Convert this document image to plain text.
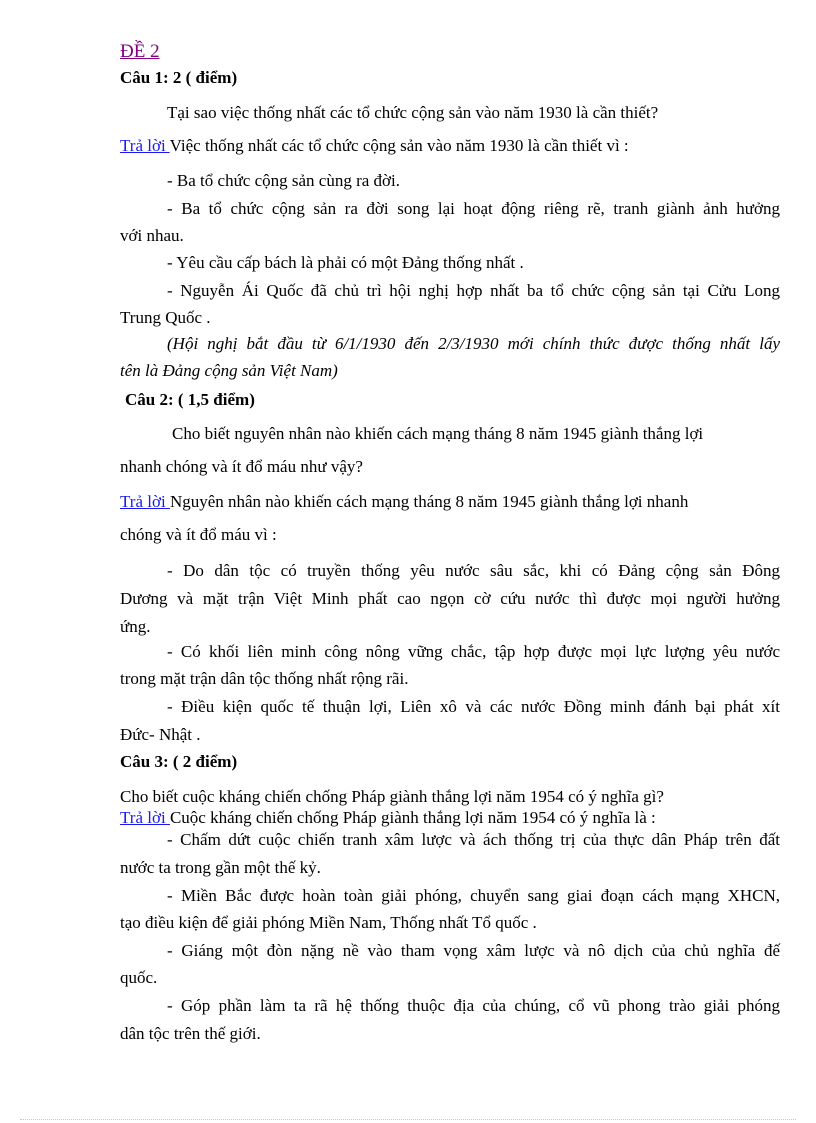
ĐỀ 2
Câu 1: 2 ( điểm)
Tại sao việc thống nhất các tổ chức cộng sản vào năm 1930 là cần thiết?
Trả lời Việc thống nhất các tổ chức cộng sản vào năm 1930 là cần thiết vì :
- Ba tổ chức cộng sản cùng ra đời.
- Ba tổ chức cộng sản ra đời song lại hoạt động riêng rẽ, tranh giành ảnh hưởng
với nhau.
- Yêu cầu cấp bách là phải có một Đảng thống nhất .
- Nguyễn Ái Quốc đã chủ trì hội nghị hợp nhất ba tổ chức cộng sản tại Cửu Long
Trung Quốc .
(Hội nghị bắt đầu từ 6/1/1930 đến 2/3/1930 mới chính thức được thống nhất lấy
tên là Đảng cộng sản Việt Nam)
Câu 2: ( 1,5 điểm)
Cho biết nguyên nhân nào khiến cách mạng tháng 8 năm 1945 giành thắng lợi
nhanh chóng và ít đổ máu như vậy?
Trả lời Nguyên nhân nào khiến cách mạng tháng 8 năm 1945 giành thắng lợi nhanh
chóng và ít đổ máu vì :
- Do dân tộc có truyền thống yêu nước sâu sắc, khi có Đảng cộng sản Đông
Dương và mặt trận Việt Minh phất cao ngọn cờ cứu nước thì được mọi người hưởng
ứng.
- Có khối liên minh công nông vững chắc, tập hợp được mọi lực lượng yêu nước
trong mặt trận dân tộc thống nhất rộng rãi.
- Điều kiện quốc tế thuận lợi, Liên xô và các nước Đồng minh đánh bại phát xít
Đức- Nhật .
Câu 3: ( 2 điểm)
Cho biết cuộc kháng chiến chống Pháp giành thắng lợi năm 1954 có ý nghĩa gì?
Trả lời Cuộc kháng chiến chống Pháp giành thắng lợi năm 1954 có ý nghĩa là :
- Chấm dứt cuộc chiến tranh xâm lược và ách thống trị của thực dân Pháp trên đất
nước ta trong gần một thế kỷ.
- Miền Bắc được hoàn toàn giải phóng, chuyển sang giai đoạn cách mạng XHCN,
tạo điều kiện để giải phóng Miền Nam, Thống nhất Tổ quốc .
- Giáng một đòn nặng nề vào tham vọng xâm lược và nô dịch của chủ nghĩa đế
quốc.
- Góp phần làm ta rã hệ thống thuộc địa của chúng, cổ vũ phong trào giải phóng
dân tộc trên thế giới.
